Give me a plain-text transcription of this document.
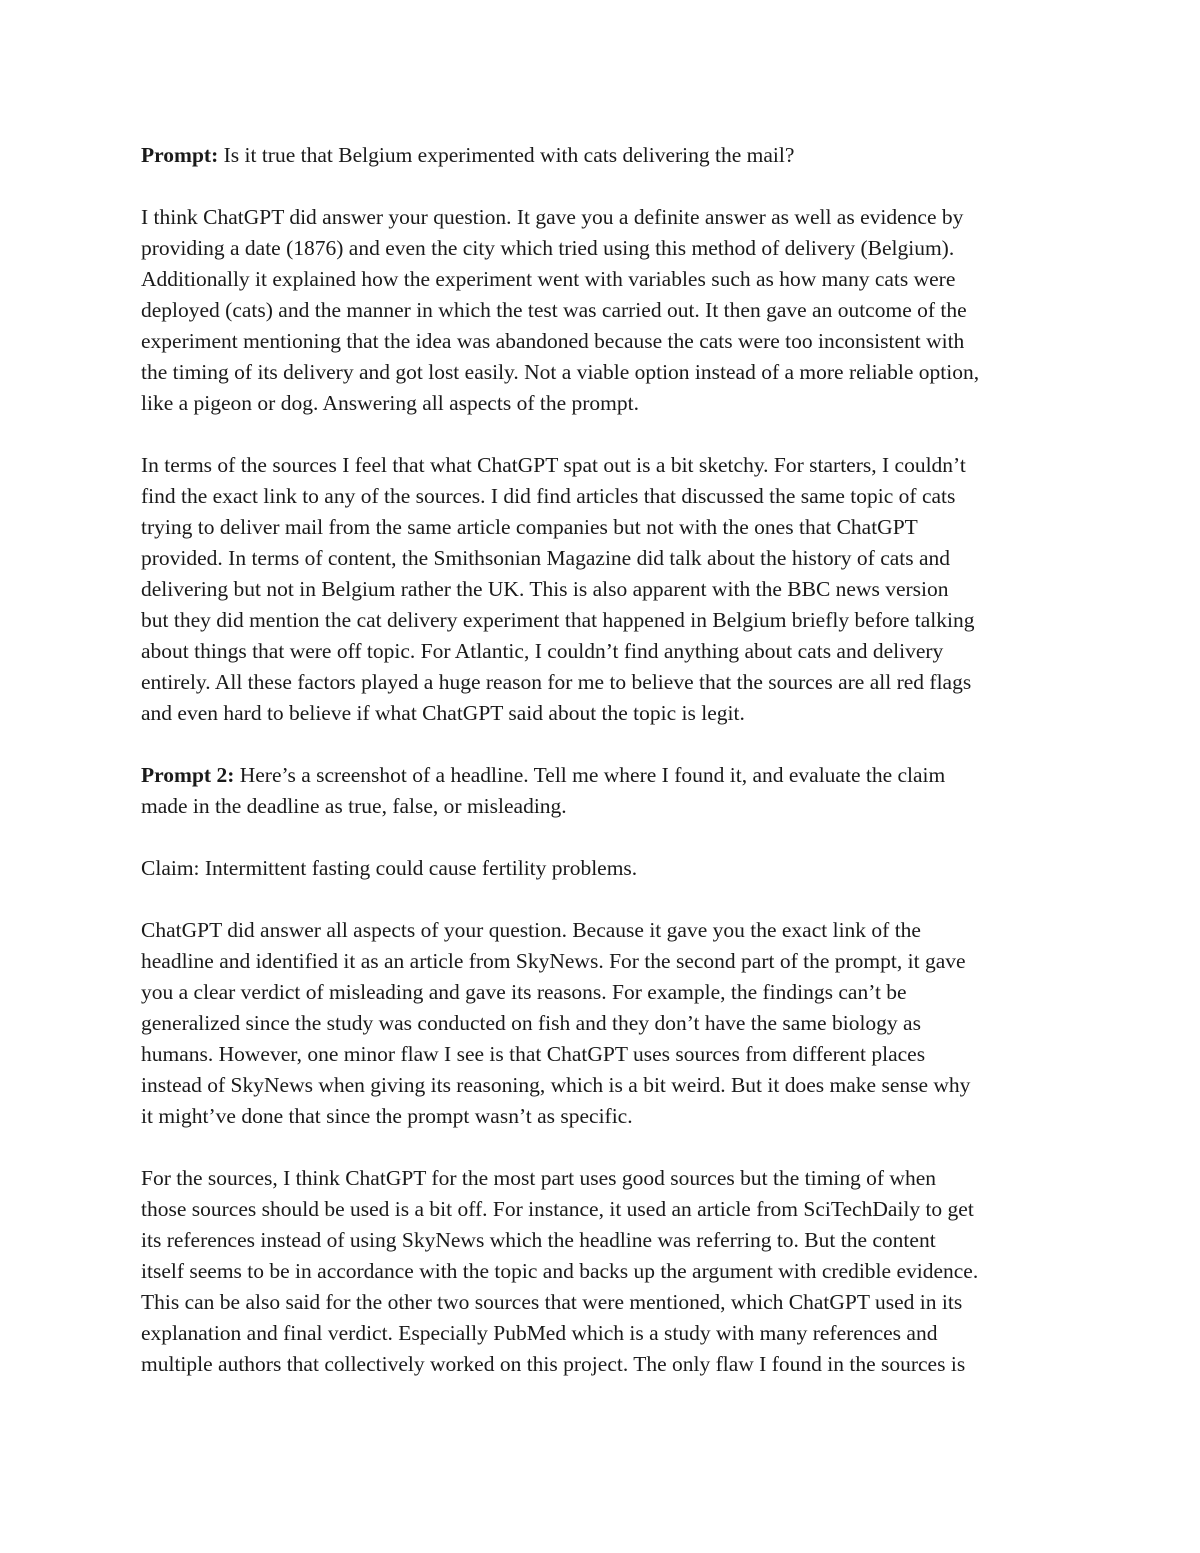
Prompt: Is it true that Belgium experimented with cats delivering the mail?

I think ChatGPT did answer your question. It gave you a definite answer as well as evidence by
providing a date (1876) and even the city which tried using this method of delivery (Belgium).
Additionally it explained how the experiment went with variables such as how many cats were
deployed (cats) and the manner in which the test was carried out. It then gave an outcome of the
experiment mentioning that the idea was abandoned because the cats were too inconsistent with
the timing of its delivery and got lost easily. Not a viable option instead of a more reliable option,
like a pigeon or dog. Answering all aspects of the prompt.

In terms of the sources I feel that what ChatGPT spat out is a bit sketchy. For starters, I couldn’t
find the exact link to any of the sources. I did find articles that discussed the same topic of cats
trying to deliver mail from the same article companies but not with the ones that ChatGPT
provided. In terms of content, the Smithsonian Magazine did talk about the history of cats and
delivering but not in Belgium rather the UK. This is also apparent with the BBC news version
but they did mention the cat delivery experiment that happened in Belgium briefly before talking
about things that were off topic. For Atlantic, I couldn’t find anything about cats and delivery
entirely. All these factors played a huge reason for me to believe that the sources are all red flags
and even hard to believe if what ChatGPT said about the topic is legit.

Prompt 2: Here’s a screenshot of a headline. Tell me where I found it, and evaluate the claim
made in the deadline as true, false, or misleading.

Claim: Intermittent fasting could cause fertility problems.

ChatGPT did answer all aspects of your question. Because it gave you the exact link of the
headline and identified it as an article from SkyNews. For the second part of the prompt, it gave
you a clear verdict of misleading and gave its reasons. For example, the findings can’t be
generalized since the study was conducted on fish and they don’t have the same biology as
humans. However, one minor flaw I see is that ChatGPT uses sources from different places
instead of SkyNews when giving its reasoning, which is a bit weird. But it does make sense why
it might’ve done that since the prompt wasn’t as specific.

For the sources, I think ChatGPT for the most part uses good sources but the timing of when
those sources should be used is a bit off. For instance, it used an article from SciTechDaily to get
its references instead of using SkyNews which the headline was referring to. But the content
itself seems to be in accordance with the topic and backs up the argument with credible evidence.
This can be also said for the other two sources that were mentioned, which ChatGPT used in its
explanation and final verdict. Especially PubMed which is a study with many references and
multiple authors that collectively worked on this project. The only flaw I found in the sources is
